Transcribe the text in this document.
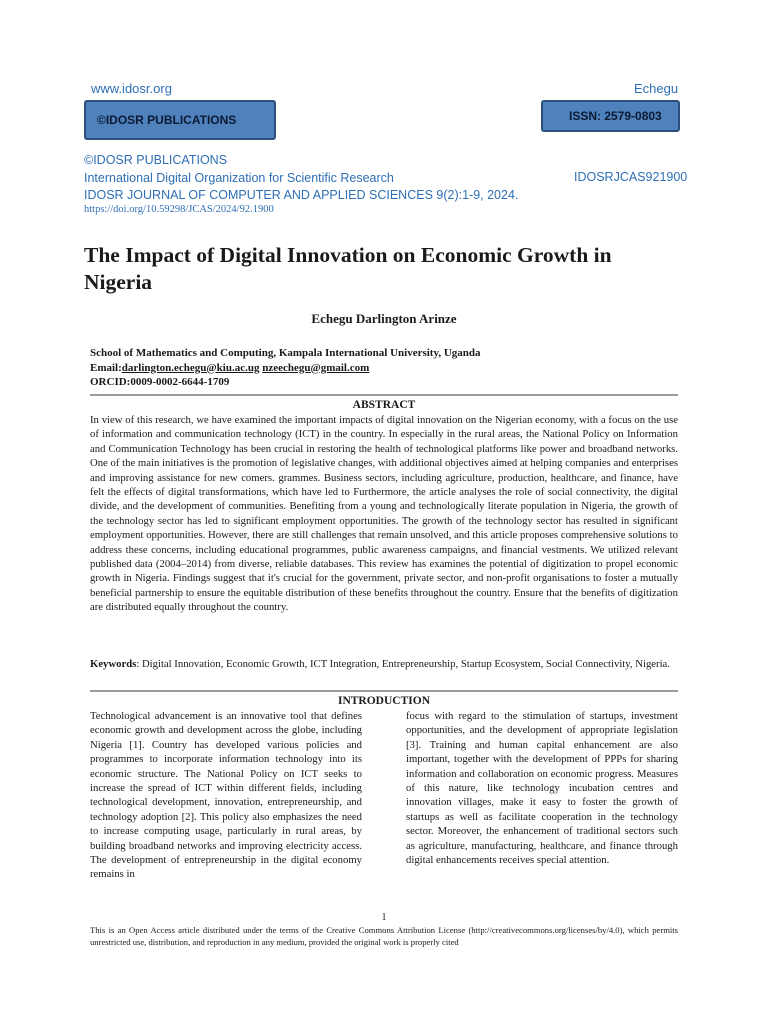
www.idosr.org	Echegu
©IDOSR PUBLICATIONS	ISSN: 2579-0803
©IDOSR PUBLICATIONS
International Digital Organization for Scientific Research
IDOSR JOURNAL OF COMPUTER AND APPLIED SCIENCES 9(2):1-9, 2024.
IDOSRJCAS921900
https://doi.org/10.59298/JCAS/2024/92.1900
The Impact of Digital Innovation on Economic Growth in Nigeria
Echegu Darlington Arinze
School of Mathematics and Computing, Kampala International University, Uganda
Email:darlington.echegu@kiu.ac.ug nzeechegu@gmail.com
ORCID:0009-0002-6644-1709
ABSTRACT
In view of this research, we have examined the important impacts of digital innovation on the Nigerian economy, with a focus on the use of information and communication technology (ICT) in the country. In especially in the rural areas, the National Policy on Information and Communication Technology has been crucial in restoring the health of technological platforms like power and broadband networks. One of the main initiatives is the promotion of legislative changes, with additional objectives aimed at helping companies and enterprises and improving assistance for new comers. grammes. Business sectors, including agriculture, production, healthcare, and finance, have felt the effects of digital transformations, which have led to Furthermore, the article analyses the role of social connectivity, the digital divide, and the development of communities. Benefiting from a young and technologically literate population in Nigeria, the growth of the technology sector has led to significant employment opportunities. The growth of the technology sector has resulted in significant employment opportunities. However, there are still challenges that remain unsolved, and this article proposes comprehensive solutions to address these concerns, including educational programmes, public awareness campaigns, and financial vestments. We utilized relevant published data (2004–2014) from diverse, reliable databases. This review has examines the potential of digitization to propel economic growth in Nigeria. Findings suggest that it's crucial for the government, private sector, and non-profit organisations to foster a mutually beneficial partnership to ensure the equitable distribution of these benefits throughout the country. Ensure that the benefits of digitization are distributed equally throughout the country.
Keywords: Digital Innovation, Economic Growth, ICT Integration, Entrepreneurship, Startup Ecosystem, Social Connectivity, Nigeria.
INTRODUCTION
Technological advancement is an innovative tool that defines economic growth and development across the globe, including Nigeria [1]. Country has developed various policies and programmes to incorporate information technology into its economic structure. The National Policy on ICT seeks to increase the spread of ICT within different fields, including technological development, innovation, entrepreneurship, and technology adoption [2]. This policy also emphasizes the need to increase computing usage, particularly in rural areas, by building broadband networks and improving electricity access. The development of entrepreneurship in the digital economy remains in
focus with regard to the stimulation of startups, investment opportunities, and the development of appropriate legislation [3]. Training and human capital enhancement are also important, together with the development of PPPs for sharing information and collaboration on economic progress. Measures of this nature, like technology incubation centres and innovation villages, make it easy to foster the growth of startups as well as facilitate cooperation in the technology sector. Moreover, the enhancement of traditional sectors such as agriculture, manufacturing, healthcare, and finance through digital enhancements receives special attention.
1
This is an Open Access article distributed under the terms of the Creative Commons Attribution License (http://creativecommons.org/licenses/by/4.0), which permits unrestricted use, distribution, and reproduction in any medium, provided the original work is properly cited
